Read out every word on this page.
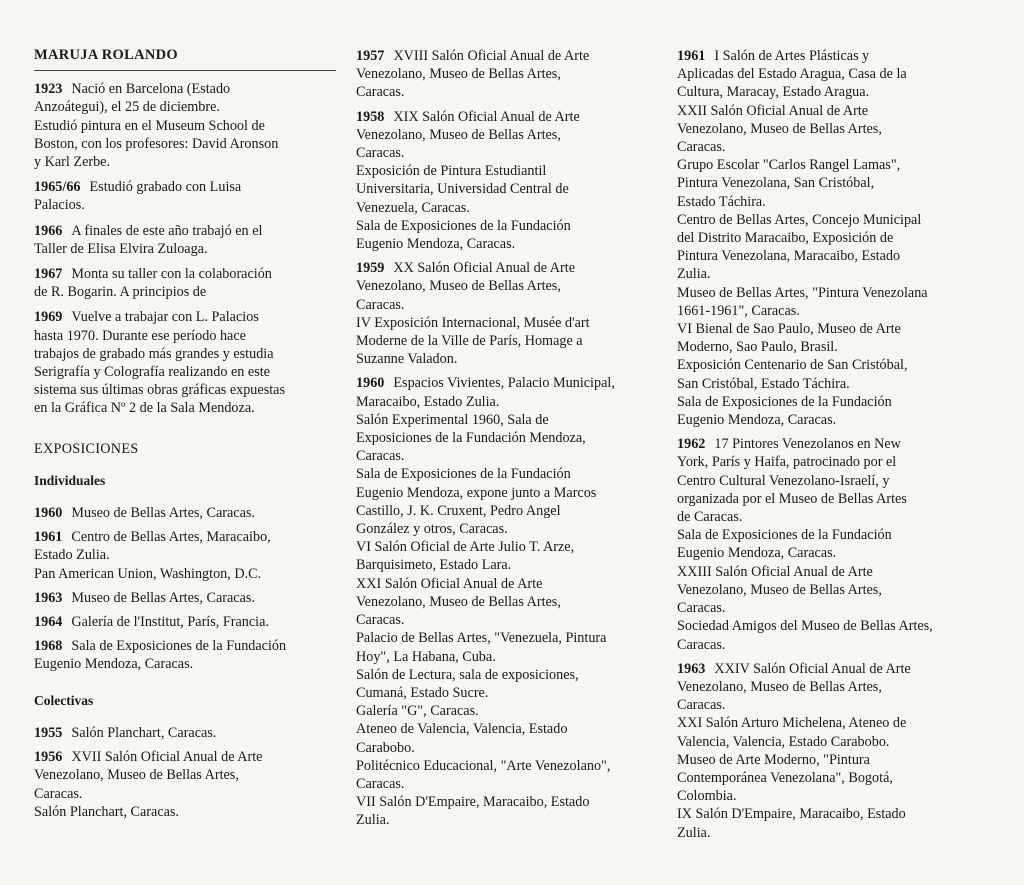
MARUJA ROLANDO
1923 Nació en Barcelona (Estado
Anzoátegui), el 25 de diciembre.
Estudió pintura en el Museum School de
Boston, con los profesores: David Aronson
y Karl Zerbe.
1965/66 Estudió grabado con Luisa
Palacios.
1966 A finales de este año trabajó en el
Taller de Elisa Elvira Zuloaga.
1967 Monta su taller con la colaboración
de R. Bogarin. A principios de
1969 Vuelve a trabajar con L. Palacios
hasta 1970. Durante ese período hace
trabajos de grabado más grandes y estudia
Serigrafía y Colografía realizando en este
sistema sus últimas obras gráficas expuestas
en la Gráfica Nº 2 de la Sala Mendoza.
EXPOSICIONES
Individuales
1960 Museo de Bellas Artes, Caracas.
1961 Centro de Bellas Artes, Maracaibo,
Estado Zulia.
Pan American Union, Washington, D.C.
1963 Museo de Bellas Artes, Caracas.
1964 Galería de l'Institut, París, Francia.
1968 Sala de Exposiciones de la Fundación
Eugenio Mendoza, Caracas.
Colectivas
1955 Salón Planchart, Caracas.
1956 XVII Salón Oficial Anual de Arte
Venezolano, Museo de Bellas Artes,
Caracas.
Salón Planchart, Caracas.
1957 XVIII Salón Oficial Anual de Arte
Venezolano, Museo de Bellas Artes,
Caracas.
1958 XIX Salón Oficial Anual de Arte
Venezolano, Museo de Bellas Artes,
Caracas.
Exposición de Pintura Estudiantil
Universitaria, Universidad Central de
Venezuela, Caracas.
Sala de Exposiciones de la Fundación
Eugenio Mendoza, Caracas.
1959 XX Salón Oficial Anual de Arte
Venezolano, Museo de Bellas Artes,
Caracas.
IV Exposición Internacional, Musée d'art
Moderne de la Ville de París, Homage a
Suzanne Valadon.
1960 Espacios Vivientes, Palacio Municipal,
Maracaibo, Estado Zulia.
Salón Experimental 1960, Sala de
Exposiciones de la Fundación Mendoza,
Caracas.
Sala de Exposiciones de la Fundación
Eugenio Mendoza, expone junto a Marcos
Castillo, J. K. Cruxent, Pedro Angel
González y otros, Caracas.
VI Salón Oficial de Arte Julio T. Arze,
Barquisimeto, Estado Lara.
XXI Salón Oficial Anual de Arte
Venezolano, Museo de Bellas Artes,
Caracas.
Palacio de Bellas Artes, "Venezuela, Pintura
Hoy", La Habana, Cuba.
Salón de Lectura, sala de exposiciones,
Cumaná, Estado Sucre.
Galería "G", Caracas.
Ateneo de Valencia, Valencia, Estado
Carabobo.
Politécnico Educacional, "Arte Venezolano",
Caracas.
VII Salón D'Empaire, Maracaibo, Estado
Zulia.
1961 I Salón de Artes Plásticas y
Aplicadas del Estado Aragua, Casa de la
Cultura, Maracay, Estado Aragua.
XXII Salón Oficial Anual de Arte
Venezolano, Museo de Bellas Artes,
Caracas.
Grupo Escolar "Carlos Rangel Lamas",
Pintura Venezolana, San Cristóbal,
Estado Táchira.
Centro de Bellas Artes, Concejo Municipal
del Distrito Maracaibo, Exposición de
Pintura Venezolana, Maracaibo, Estado
Zulia.
Museo de Bellas Artes, "Pintura Venezolana
1661-1961", Caracas.
VI Bienal de Sao Paulo, Museo de Arte
Moderno, Sao Paulo, Brasil.
Exposición Centenario de San Cristóbal,
San Cristóbal, Estado Táchira.
Sala de Exposiciones de la Fundación
Eugenio Mendoza, Caracas.
1962 17 Pintores Venezolanos en New
York, París y Haifa, patrocinado por el
Centro Cultural Venezolano-Israelí, y
organizada por el Museo de Bellas Artes
de Caracas.
Sala de Exposiciones de la Fundación
Eugenio Mendoza, Caracas.
XXIII Salón Oficial Anual de Arte
Venezolano, Museo de Bellas Artes,
Caracas.
Sociedad Amigos del Museo de Bellas Artes,
Caracas.
1963 XXIV Salón Oficial Anual de Arte
Venezolano, Museo de Bellas Artes,
Caracas.
XXI Salón Arturo Michelena, Ateneo de
Valencia, Valencia, Estado Carabobo.
Museo de Arte Moderno, "Pintura
Contemporánea Venezolana", Bogotá,
Colombia.
IX Salón D'Empaire, Maracaibo, Estado
Zulia.
